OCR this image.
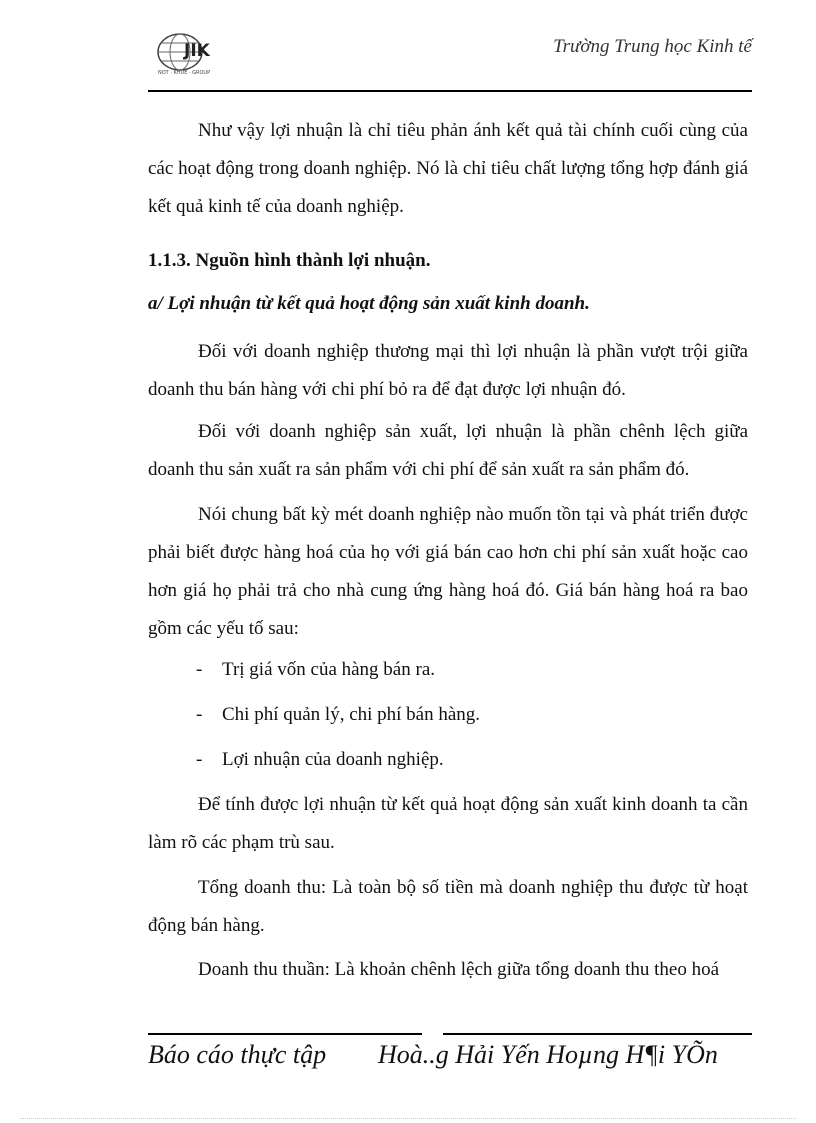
JIK
NOT · KHUE · GROUP
Trường Trung học Kinh tế
Như vậy lợi nhuận là chỉ tiêu phản ánh kết quả tài chính cuối cùng của các hoạt động trong doanh nghiệp. Nó là chỉ tiêu chất lượng tổng hợp đánh giá kết quả kinh tế của doanh nghiệp.
1.1.3. Nguồn hình thành lợi nhuận.
a/ Lợi nhuận từ kết quả hoạt động sản xuất kinh doanh.
Đối với doanh nghiệp thương mại thì lợi nhuận là phần vượt trội giữa doanh thu bán hàng với chi phí bỏ ra để đạt được lợi nhuận đó.
Đối với doanh nghiệp sản xuất, lợi nhuận là phần chênh lệch giữa doanh thu sản xuất ra sản phẩm với chi phí để sản xuất ra sản phẩm đó.
Nói chung bất kỳ mét doanh nghiệp nào muốn tồn tại và phát triển được phải biết được hàng hoá của họ với giá bán cao hơn chi phí sản xuất hoặc cao hơn giá họ phải trả cho nhà cung ứng hàng hoá đó. Giá bán hàng hoá ra bao gồm các yếu tố sau:
- Trị giá vốn của hàng bán ra.
- Chi phí quản lý, chi phí bán hàng.
- Lợi nhuận của doanh nghiệp.
Để tính được lợi nhuận từ kết quả hoạt động sản xuất kinh doanh ta cần làm rõ các phạm trù sau.
Tổng doanh thu: Là toàn bộ số tiền mà doanh nghiệp thu được từ hoạt động bán hàng.
Doanh thu thuần: Là khoản chênh lệch giữa tổng doanh thu theo hoá
Báo cáo thực tập Hoà..g Hải Yến Hoµng H¶i YÕn
